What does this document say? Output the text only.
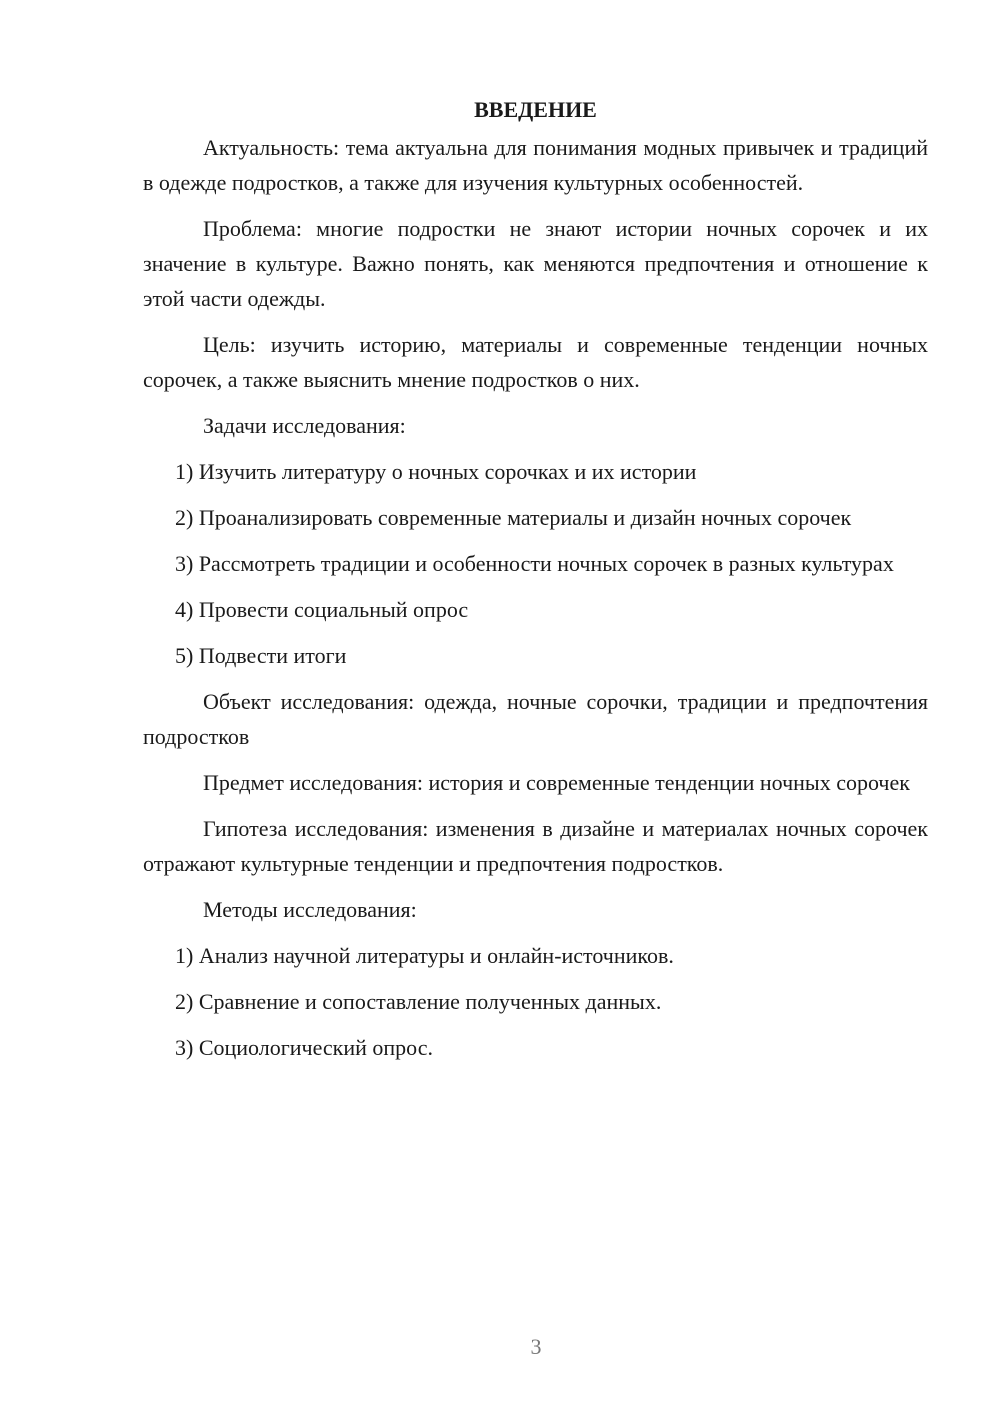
ВВЕДЕНИЕ

Актуальность: тема актуальна для понимания модных привычек и традиций в одежде подростков, а также для изучения культурных особенностей.

Проблема: многие подростки не знают истории ночных сорочек и их значение в культуре. Важно понять, как меняются предпочтения и отношение к этой части одежды.

Цель: изучить историю, материалы и современные тенденции ночных сорочек, а также выяснить мнение подростков о них.

Задачи исследования:

1) Изучить литературу о ночных сорочках и их истории

2) Проанализировать современные материалы и дизайн ночных сорочек

3) Рассмотреть традиции и особенности ночных сорочек в разных культурах

4) Провести социальный опрос

5) Подвести итоги

Объект исследования: одежда, ночные сорочки, традиции и предпочтения подростков

Предмет исследования: история и современные тенденции ночных сорочек

Гипотеза исследования: изменения в дизайне и материалах ночных сорочек отражают культурные тенденции и предпочтения подростков.

Методы исследования:

1) Анализ научной литературы и онлайн-источников.

2) Сравнение и сопоставление полученных данных.

3) Социологический опрос.

3
